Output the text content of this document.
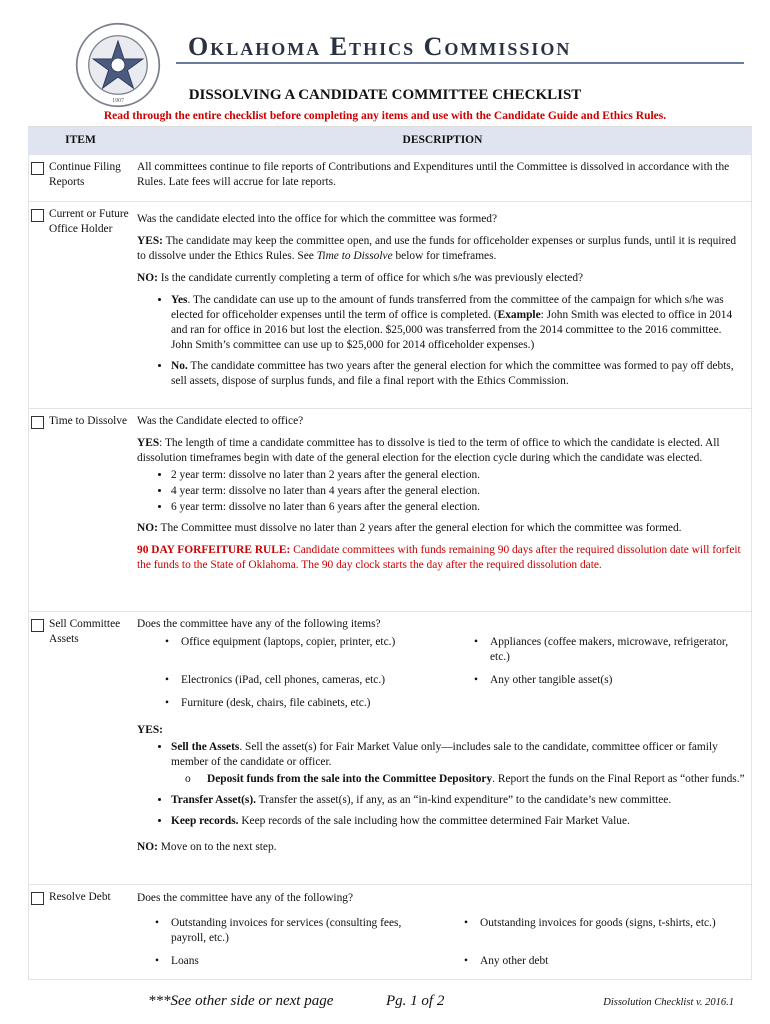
1907
Oklahoma Ethics Commission
DISSOLVING A CANDIDATE COMMITTEE CHECKLIST
Read through the entire checklist before completing any items and use with the Candidate Guide and Ethics Rules.
ITEM	DESCRIPTION
Continue Filing Reports

All committees continue to file reports of Contributions and Expenditures until the Committee is dissolved in accordance with the Rules. Late fees will accrue for late reports.

Current or Future Office Holder

Was the candidate elected into the office for which the committee was formed?

YES: The candidate may keep the committee open, and use the funds for officeholder expenses or surplus funds, until it is required to dissolve under the Ethics Rules. See Time to Dissolve below for timeframes.

NO: Is the candidate currently completing a term of office for which s/he was previously elected?

• Yes. The candidate can use up to the amount of funds transferred from the committee of the campaign for which s/he was elected for officeholder expenses until the term of office is completed. (Example: John Smith was elected to office in 2014 and ran for office in 2016 but lost the election. $25,000 was transferred from the 2014 committee to the 2016 committee. John Smith’s committee can use up to $25,000 for 2014 officeholder expenses.)
• No. The candidate committee has two years after the general election for which the committee was formed to pay off debts, sell assets, dispose of surplus funds, and file a final report with the Ethics Commission.
Time to Dissolve Was the Candidate elected to office?

YES: The length of time a candidate committee has to dissolve is tied to the term of office to which the candidate is elected. All dissolution timeframes begin with date of the general election for the election cycle during which the candidate was elected.

• 2 year term: dissolve no later than 2 years after the general election.
• 4 year term: dissolve no later than 4 years after the general election.
• 6 year term: dissolve no later than 6 years after the general election.

NO: The Committee must dissolve no later than 2 years after the general election for which the committee was formed.

90 DAY FORFEITURE RULE: Candidate committees with funds remaining 90 days after the required dissolution date will forfeit the funds to the State of Oklahoma. The 90 day clock starts the day after the required dissolution date.

Sell Committee Assets

Does the committee have any of the following items?

•	Office equipment (laptops, copier, printer, etc.)	•	Appliances (coffee makers, microwave, refrigerator, etc.)
•	Electronics (iPad, cell phones, cameras, etc.)	•	Any other tangible asset(s)
•	Furniture (desk, chairs, file cabinets, etc.)

YES:

• Sell the Assets. Sell the asset(s) for Fair Market Value only—includes sale to the candidate, committee officer or family member of the candidate or officer.
o	Deposit funds from the sale into the Committee Depository. Report the funds on the Final Report as “other funds.”
• Transfer Asset(s). Transfer the asset(s), if any, as an “in-kind expenditure” to the candidate’s new committee.
• Keep records. Keep records of the sale including how the committee determined Fair Market Value.

NO: Move on to the next step.

Resolve Debt Does the committee have any of the following?

•	Outstanding invoices for services (consulting fees, payroll, etc.)
•	Outstanding invoices for goods (signs, t-shirts, etc.)
•	Loans	•	Any other debt
***See other side or next page	Pg. 1 of 2	Dissolution Checklist v. 2016.1
